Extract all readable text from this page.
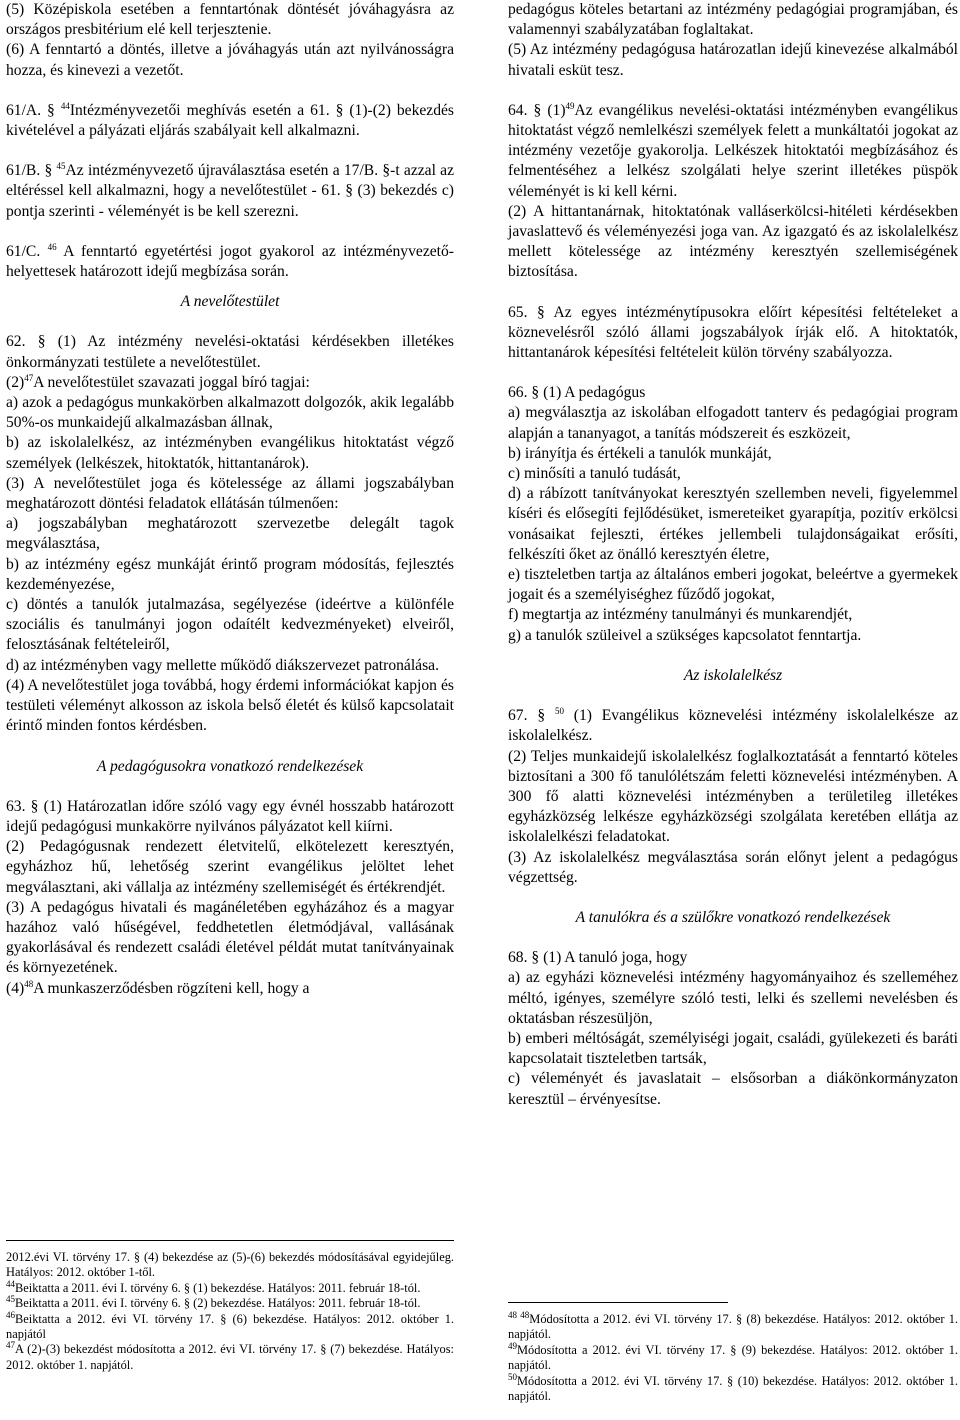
(5) Középiskola esetében a fenntartónak döntését jóváhagyásra az országos presbitérium elé kell terjesztenie.

(6) A fenntartó a döntés, illetve a jóváhagyás után azt nyilvánosságra hozza, és kinevezi a vezetőt.

61/A. § $^{44}$Intézményvezetői meghívás esetén a 61. § (1)-(2) bekezdés kivételével a pályázati eljárás szabályait kell alkalmazni.

61/B. § $^{45}$Az intézményvezető újraválasztása esetén a 17/B. §-t azzal az eltéréssel kell alkalmazni, hogy a nevelőtestület - 61. § (3) bekezdés c) pontja szerinti - véleményét is be kell szerezni.

61/C. $^{46}$ A fenntartó egyetértési jogot gyakorol az intézményvezető-helyettesek határozott idejű megbízása során.

A nevelőtestület

62. § (1) Az intézmény nevelési-oktatási kérdésekben illetékes önkormányzati testülete a nevelőtestület.

$(2)^{47}A$ nevelőtestület szavazati joggal bíró tagjai:

a) azok a pedagógus munkakörben alkalmazott dolgozók, akik legalább 50%-os munkaidejű alkalmazásban állnak,

b) az iskolalelkész, az intézményben evangélikus hitoktatást végző személyek (lelkészek, hitoktatók, hittantanárok).

(3) A nevelőtestület joga és kötelessége az állami jogszabályban meghatározott döntési feladatok ellátásán túlmenően:

a) jogszabályban meghatározott szervezetbe delegált tagok megválasztása,

b) az intézmény egész munkáját érintő program módosítás, fejlesztés kezdeményezése,

c) döntés a tanulók jutalmazása, segélyezése (ideértve a különféle szociális és tanulmányi jogon odaítélt kedvezményeket) elveiről, felosztásának feltételeiről,

d) az intézményben vagy mellette működő diákszervezet patronálása.

(4) A nevelőtestület joga továbbá, hogy érdemi információkat kapjon és testületi véleményt alkosson az iskola belső életét és külső kapcsolatait érintő minden fontos kérdésben.

A pedagógusokra vonatkozó rendelkezések

63. § (1) Határozatlan időre szóló vagy egy évnél hosszabb határozott idejű pedagógusi munkakörre nyilvános pályázatot kell kiírni.

(2) Pedagógusnak rendezett életvitelű, elkötelezett keresztyén, egyházhoz hű, lehetőség szerint evangélikus jelöltet lehet megválasztani, aki vállalja az intézmény szellemiségét és értékrendjét.

(3) A pedagógus hivatali és magánéletében egyházához és a magyar hazához való hűségével, feddhetetlen életmódjával, vallásának gyakorlásával és rendezett családi életével példát mutat tanítványainak és környezetének.

$(4)^{48}A$ munkaszerződésben rögzíteni kell, hogy a

2012.évi VI. törvény 17. § (4) bekezdése az (5)-(6) bekezdés módosításával egyidejűleg. Hatályos: 2012. október 1-től.

$^{44}$Beiktatta a 2011. évi I. törvény 6. § (1) bekezdése. Hatályos: 2011. február 18-tól.

$^{45}$Beiktatta a 2011. évi I. törvény 6. § (2) bekezdése. Hatályos: 2011. február 18-tól.

$^{46}$Beiktatta a 2012. évi VI. törvény 17. § (6) bekezdése. Hatályos: 2012. október 1. napjától

$^{47}$A (2)-(3) bekezdést módosította a 2012. évi VI. törvény 17. § (7) bekezdése. Hatályos: 2012. október 1. napjától.

pedagógus köteles betartani az intézmény pedagógiai programjában, és valamennyi szabályzatában foglaltakat.

(5) Az intézmény pedagógusa határozatlan idejű kinevezése alkalmából hivatali esküt tesz.

64. § $(1)^{49}Az$ evangélikus nevelési-oktatási intézményben evangélikus hitoktatást végző nemlelkészi személyek felett a munkáltatói jogokat az intézmény vezetője gyakorolja. Lelkészek hitoktatói megbízásához és felmentéséhez a lelkész szolgálati helye szerint illetékes püspök véleményét is ki kell kérni.

(2) A hittantanárnak, hitoktatónak valláserkölcsi-hitéleti kérdésekben javaslattevő és véleményezési joga van. Az igazgató és az iskolalelkész mellett kötelessége az intézmény keresztyén szellemiségének biztosítása.

65. § Az egyes intézménytípusokra előírt képesítési feltételeket a köznevelésről szóló állami jogszabályok írják elő. A hitoktatók, hittantanárok képesítési feltételeit külön törvény szabályozza.

66. § (1) A pedagógus

a) megválasztja az iskolában elfogadott tanterv és pedagógiai program alapján a tananyagot, a tanítás módszereit és eszközeit,

b) irányítja és értékeli a tanulók munkáját,

c) minősíti a tanuló tudását,

d) a rábízott tanítványokat keresztyén szellemben neveli, figyelemmel kíséri és elősegíti fejlődésüket, ismereteiket gyarapítja, pozitív erkölcsi vonásaikat fejleszti, értékes jellembeli tulajdonságaikat erősíti, felkészíti őket az önálló keresztyén életre,

e) tiszteletben tartja az általános emberi jogokat, beleértve a gyermekek jogait és a személyiséghez fűződő jogokat,

f) megtartja az intézmény tanulmányi és munkarendjét,

g) a tanulók szüleivel a szükséges kapcsolatot fenntartja.

Az iskolalelkész

67. § $^{50}$ (1) Evangélikus köznevelési intézmény iskolalelkésze az iskolalelkész.

(2) Teljes munkaidejű iskolalelkész foglalkoztatását a fenntartó köteles biztosítani a 300 fő tanulólétszám feletti köznevelési intézményben. A 300 fő alatti köznevelési intézményben a területileg illetékes egyházközség lelkésze egyházközségi szolgálata keretében ellátja az iskolalelkészi feladatokat.

(3) Az iskolalelkész megválasztása során előnyt jelent a pedagógus végzettség.

A tanulókra és a szülőkre vonatkozó rendelkezések

68. § (1) A tanuló joga, hogy

a) az egyházi köznevelési intézmény hagyományaihoz és szelleméhez méltó, igényes, személyre szóló testi, lelki és szellemi nevelésben és oktatásban részesüljön,

b) emberi méltóságát, személyiségi jogait, családi, gyülekezeti és baráti kapcsolatait tiszteletben tartsák,

c) véleményét és javaslatait – elsősorban a diákönkormányzaton keresztül – érvényesítse.

$^{48 48}$Módosította a 2012. évi VI. törvény 17. § (8) bekezdése. Hatályos: 2012. október 1. napjától.

$^{49}$Módosította a 2012. évi VI. törvény 17. § (9) bekezdése. Hatályos: 2012. október 1. napjától.

$^{50}$Módosította a 2012. évi VI. törvény 17. § (10) bekezdése. Hatályos: 2012. október 1. napjától.
